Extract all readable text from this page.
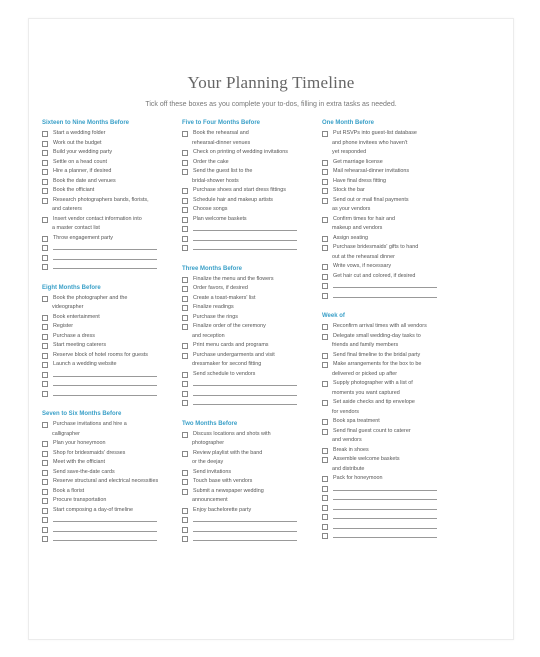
Your Planning Timeline
Tick off these boxes as you complete your to-dos, filling in extra tasks as needed.
Sixteen to Nine Months Before
Start a wedding folder
Work out the budget
Build your wedding party
Settle on a head count
Hire a planner, if desired
Book the date and venues
Book the officiant
Research photographers bands, florists,
and caterers
Insert vendor contact information into
a master contact list
Throw engagement party
Eight Months Before
Book the photographer and the
videographer
Book entertainment
Register
Purchase a dress
Start meeting caterers
Reserve block of hotel rooms for guests
Launch a wedding website
Seven to Six Months Before
Purchase invitations and hire a
calligrapher
Plan your honeymoon
Shop for bridesmaids' dresses
Meet with the officiant
Send save-the-date cards
Reserve structural and electrical necessities
Book a florist
Procure transportation
Start composing a day-of timeline
Five to Four Months Before
Book the rehearsal and
rehearsal-dinner venues
Check on printing of wedding invitations
Order the cake
Send the guest list to the
bridal-shower hosts
Purchase shoes and start dress fittings
Schedule hair and makeup artists
Choose songs
Plan welcome baskets
Three Months Before
Finalize the menu and the flowers
Order favors, if desired
Create a toast-makers' list
Finalize readings
Purchase the rings
Finalize order of the ceremony
and reception
Print menu cards and programs
Purchase undergarments and visit
dressmaker for second fitting
Send schedule to vendors
Two Months Before
Discuss locations and shots with
photographer
Review playlist with the band
or the deejay
Send invitations
Touch base with vendors
Submit a newspaper wedding
announcement
Enjoy bachelorette party
One Month Before
Put RSVPs into guest-list database
and phone invitees who haven't
yet responded
Get marriage license
Mail rehearsal-dinner invitations
Have final dress fitting
Stock the bar
Send out or mail final payments
as your vendors
Confirm times for hair and
makeup and vendors
Assign seating
Purchase bridesmaids' gifts to hand
out at the rehearsal dinner
Write vows, if necessary
Get hair cut and colored, if desired
Week of
Reconfirm arrival times with all vendors
Delegate small wedding-day tasks to
friends and family members
Send final timeline to the bridal party
Make arrangements for the box to be
delivered or picked up after
Supply photographer with a list of
moments you want captured
Set aside checks and tip envelope
for vendors
Book spa treatment
Send final guest count to caterer
and vendors
Break in shoes
Assemble welcome baskets
and distribute
Pack for honeymoon
